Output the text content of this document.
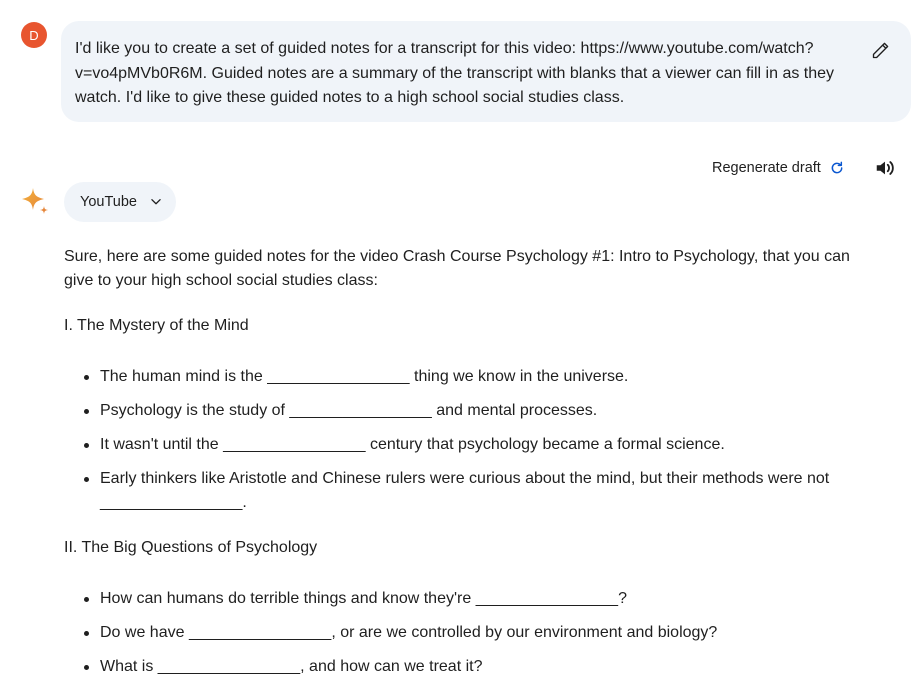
D
I'd like you to create a set of guided notes for a transcript for this video: https://www.youtube.com/watch?v=vo4pMVb0R6M. Guided notes are a summary of the transcript with blanks that a viewer can fill in as they watch. I'd like to give these guided notes to a high school social studies class.
Regenerate draft
YouTube

Sure, here are some guided notes for the video Crash Course Psychology #1: Intro to Psychology, that you can give to your high school social studies class:

I. The Mystery of the Mind
The human mind is the ________________ thing we know in the universe.
Psychology is the study of ________________ and mental processes.
It wasn't until the ________________ century that psychology became a formal science.
Early thinkers like Aristotle and Chinese rulers were curious about the mind, but their methods were not ________________.
II. The Big Questions of Psychology
How can humans do terrible things and know they're ________________?
Do we have ________________, or are we controlled by our environment and biology?
What is ________________, and how can we treat it?
